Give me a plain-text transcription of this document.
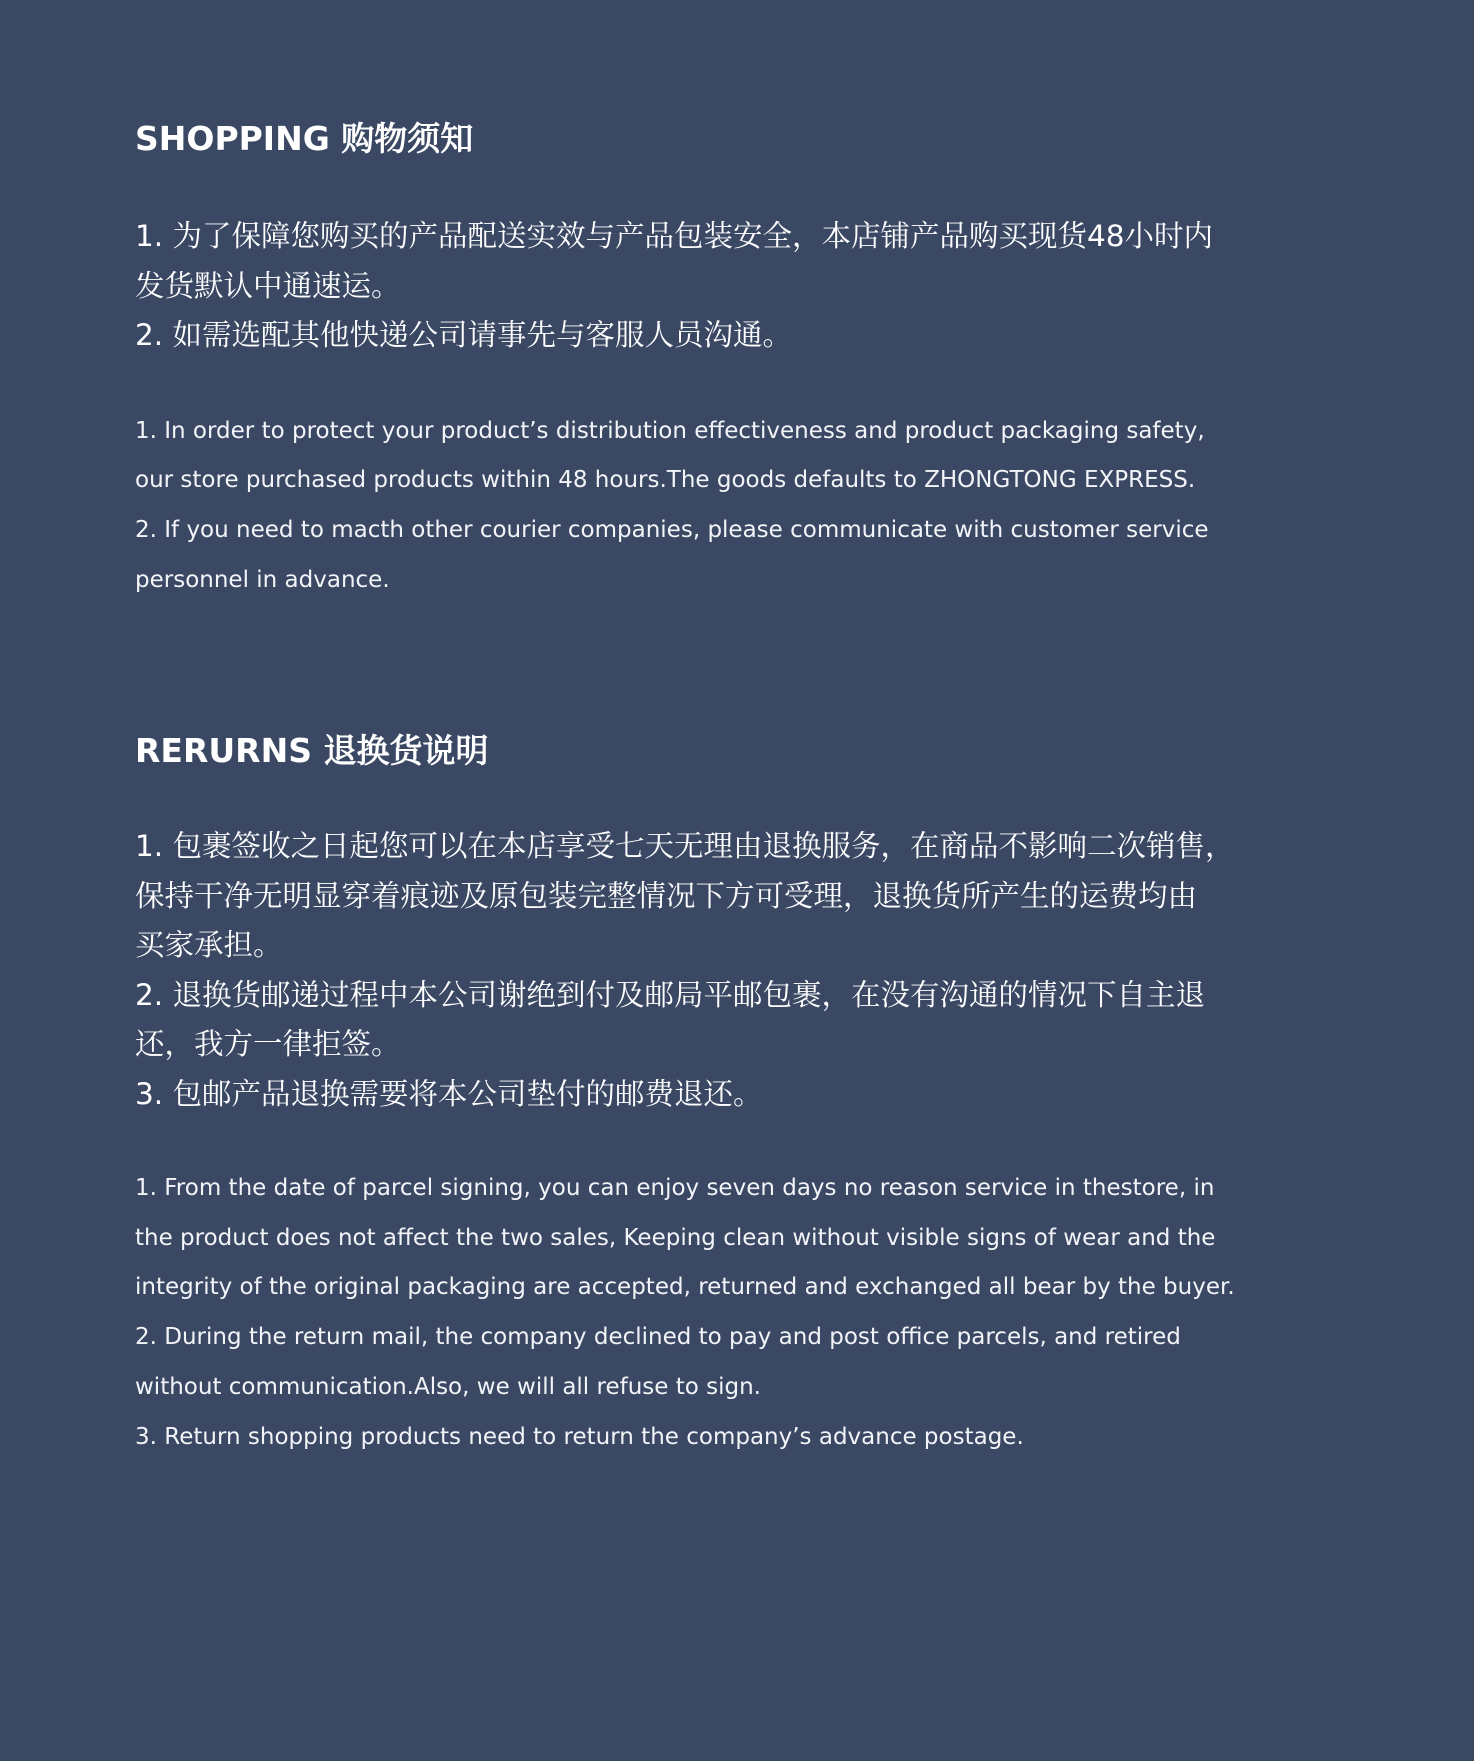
SHOPPING 购物须知

1. 为了保障您购买的产品配送实效与产品包装安全，本店铺产品购买现货48小时内
发货默认中通速运。
2. 如需选配其他快递公司请事先与客服人员沟通。

1. In order to protect your product’s distribution effectiveness and product packaging safety,
our store purchased products within 48 hours.The goods defaults to ZHONGTONG EXPRESS.
2. If you need to macth other courier companies, please communicate with customer service
personnel in advance.

RERURNS 退换货说明

1. 包裹签收之日起您可以在本店享受七天无理由退换服务，在商品不影响二次销售，
保持干净无明显穿着痕迹及原包装完整情况下方可受理，退换货所产生的运费均由
买家承担。
2. 退换货邮递过程中本公司谢绝到付及邮局平邮包裹，在没有沟通的情况下自主退
还，我方一律拒签。
3. 包邮产品退换需要将本公司垫付的邮费退还。

1. From the date of parcel signing, you can enjoy seven days no reason service in thestore, in
the product does not affect the two sales, Keeping clean without visible signs of wear and the
integrity of the original packaging are accepted, returned and exchanged all bear by the buyer.
2. During the return mail, the company declined to pay and post office parcels, and retired
without communication.Also, we will all refuse to sign.
3. Return shopping products need to return the company’s advance postage.
